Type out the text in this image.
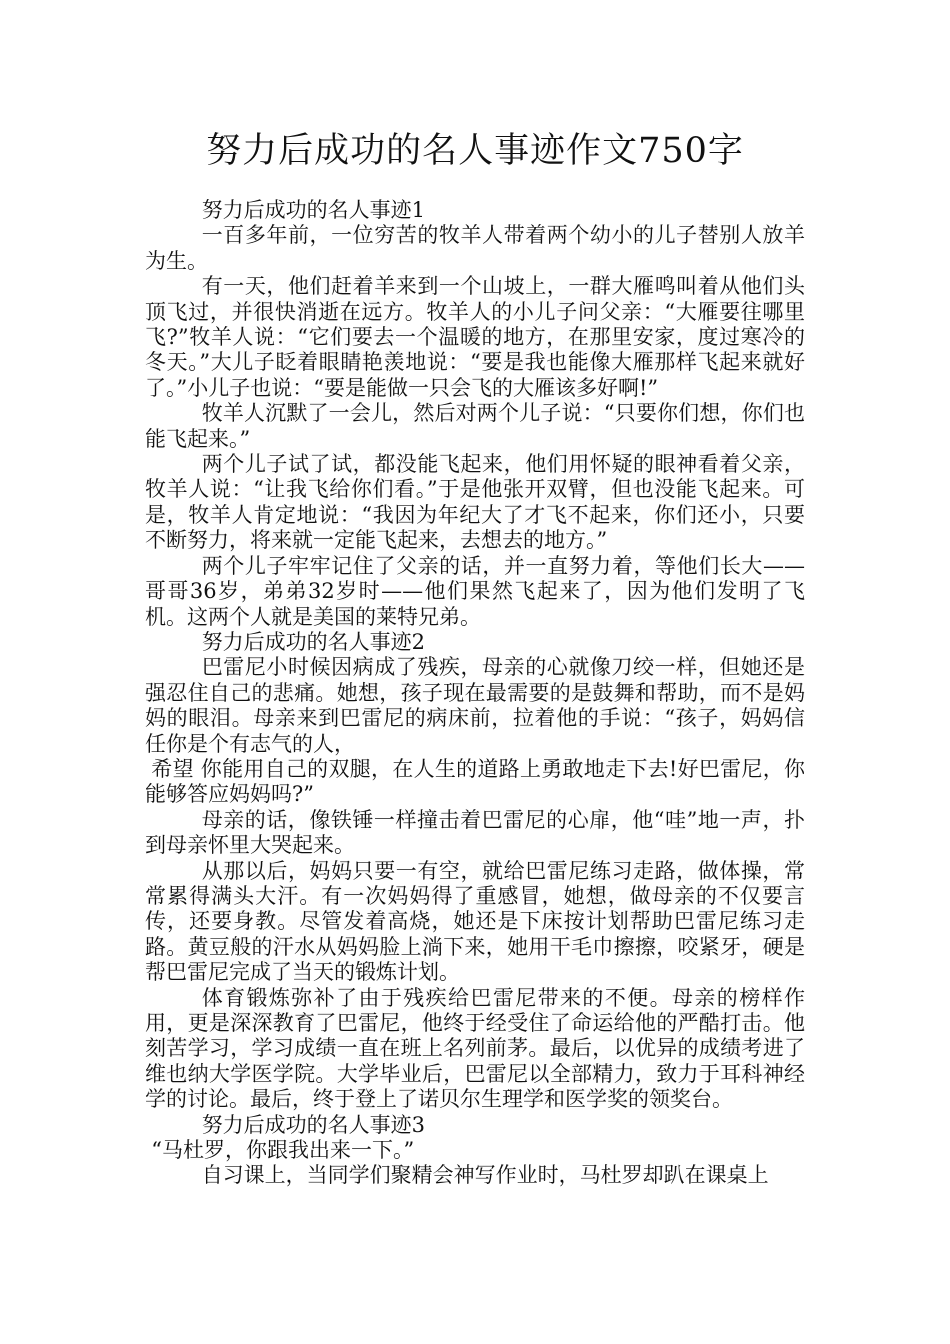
努力后成功的名人事迹作文750字

努力后成功的名人事迹1

一百多年前，一位穷苦的牧羊人带着两个幼小的儿子替别人放羊为生。

有一天，他们赶着羊来到一个山坡上，一群大雁鸣叫着从他们头顶飞过，并很快消逝在远方。牧羊人的小儿子问父亲：“大雁要往哪里飞?”牧羊人说：“它们要去一个温暖的地方，在那里安家，度过寒冷的冬天。”大儿子眨着眼睛艳羡地说：“要是我也能像大雁那样飞起来就好了。”小儿子也说：“要是能做一只会飞的大雁该多好啊!”

牧羊人沉默了一会儿，然后对两个儿子说：“只要你们想，你们也能飞起来。”

两个儿子试了试，都没能飞起来，他们用怀疑的眼神看着父亲，牧羊人说：“让我飞给你们看。”于是他张开双臂，但也没能飞起来。可是，牧羊人肯定地说：“我因为年纪大了才飞不起来，你们还小，只要不断努力，将来就一定能飞起来，去想去的地方。”

两个儿子牢牢记住了父亲的话，并一直努力着，等他们长大——哥哥36岁，弟弟32岁时——他们果然飞起来了，因为他们发明了飞机。这两个人就是美国的莱特兄弟。

努力后成功的名人事迹2

巴雷尼小时候因病成了残疾，母亲的心就像刀绞一样，但她还是强忍住自己的悲痛。她想，孩子现在最需要的是鼓舞和帮助，而不是妈妈的眼泪。母亲来到巴雷尼的病床前，拉着他的手说：“孩子，妈妈信任你是个有志气的人，

希望 你能用自己的双腿，在人生的道路上勇敢地走下去!好巴雷尼，你能够答应妈妈吗?”

母亲的话，像铁锤一样撞击着巴雷尼的心扉，他“哇”地一声，扑到母亲怀里大哭起来。

从那以后，妈妈只要一有空，就给巴雷尼练习走路，做体操，常常累得满头大汗。有一次妈妈得了重感冒，她想，做母亲的不仅要言传，还要身教。尽管发着高烧，她还是下床按计划帮助巴雷尼练习走路。黄豆般的汗水从妈妈脸上淌下来，她用干毛巾擦擦，咬紧牙，硬是帮巴雷尼完成了当天的锻炼计划。

体育锻炼弥补了由于残疾给巴雷尼带来的不便。母亲的榜样作用，更是深深教育了巴雷尼，他终于经受住了命运给他的严酷打击。他刻苦学习，学习成绩一直在班上名列前茅。最后，以优异的成绩考进了维也纳大学医学院。大学毕业后，巴雷尼以全部精力，致力于耳科神经学的讨论。最后，终于登上了诺贝尔生理学和医学奖的领奖台。

努力后成功的名人事迹3

“马杜罗，你跟我出来一下。”

自习课上，当同学们聚精会神写作业时，马杜罗却趴在课桌上
